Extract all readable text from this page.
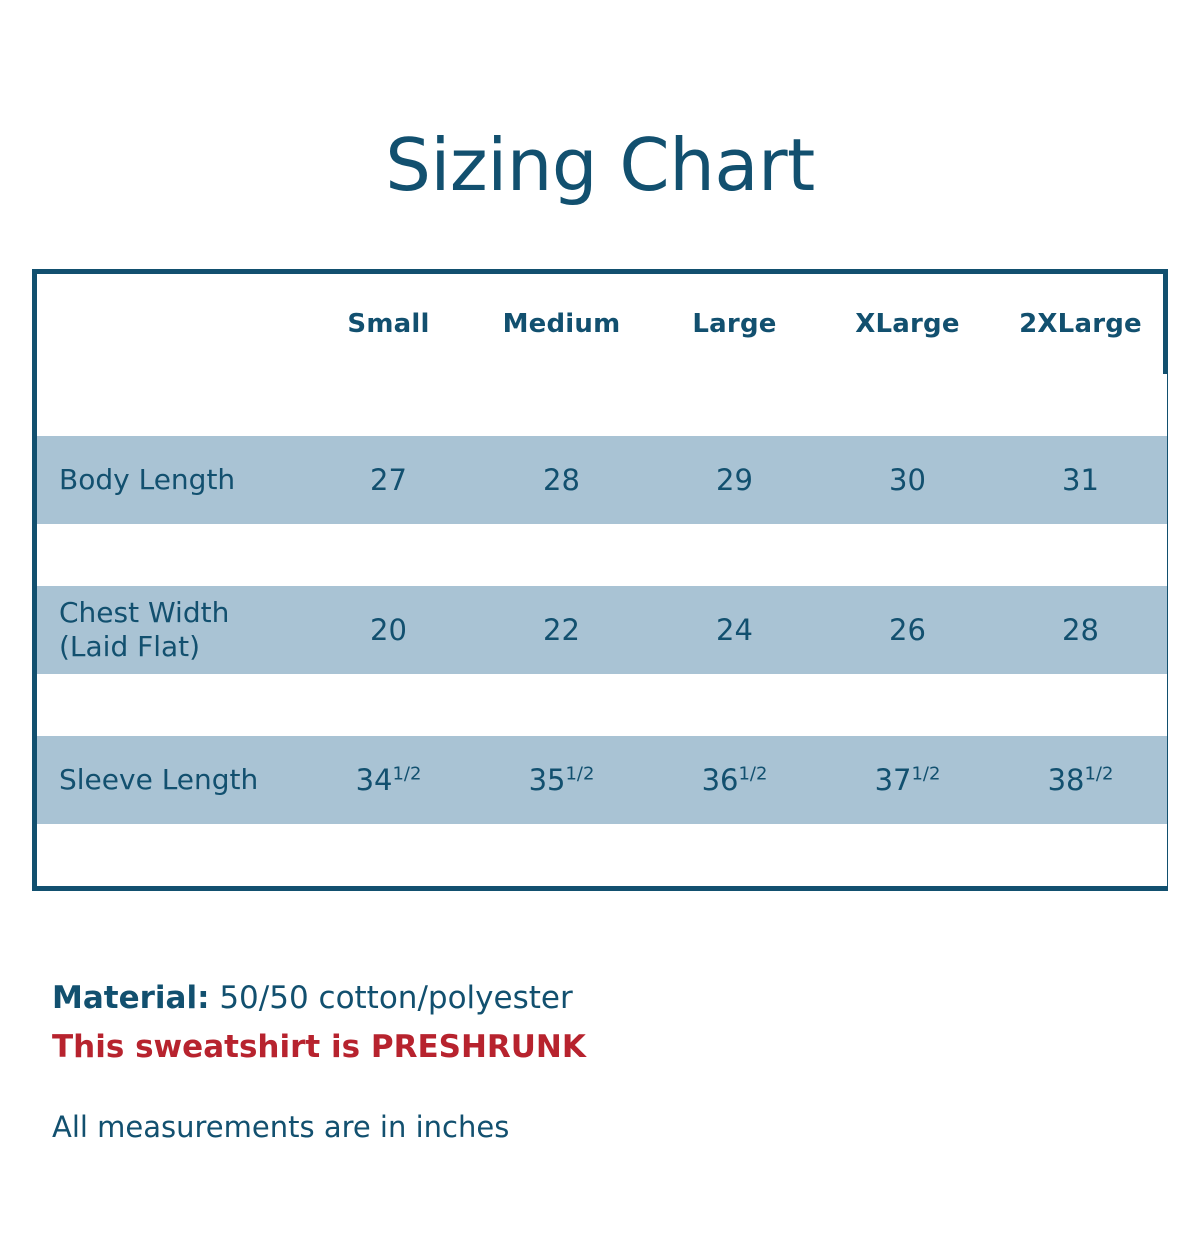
Sizing Chart
	Small	Medium	Large	XLarge	2XLarge

Body Length	27	28	29	30	31

Chest Width
(Laid Flat)	20	22	24	26	28

Sleeve Length	$34^{1/2}$	$35^{1/2}$	$36^{1/2}$	$37^{1/2}$	$38^{1/2}$

Material: 50/50 cotton/polyester
This sweatshirt is PRESHRUNK
All measurements are in inches
